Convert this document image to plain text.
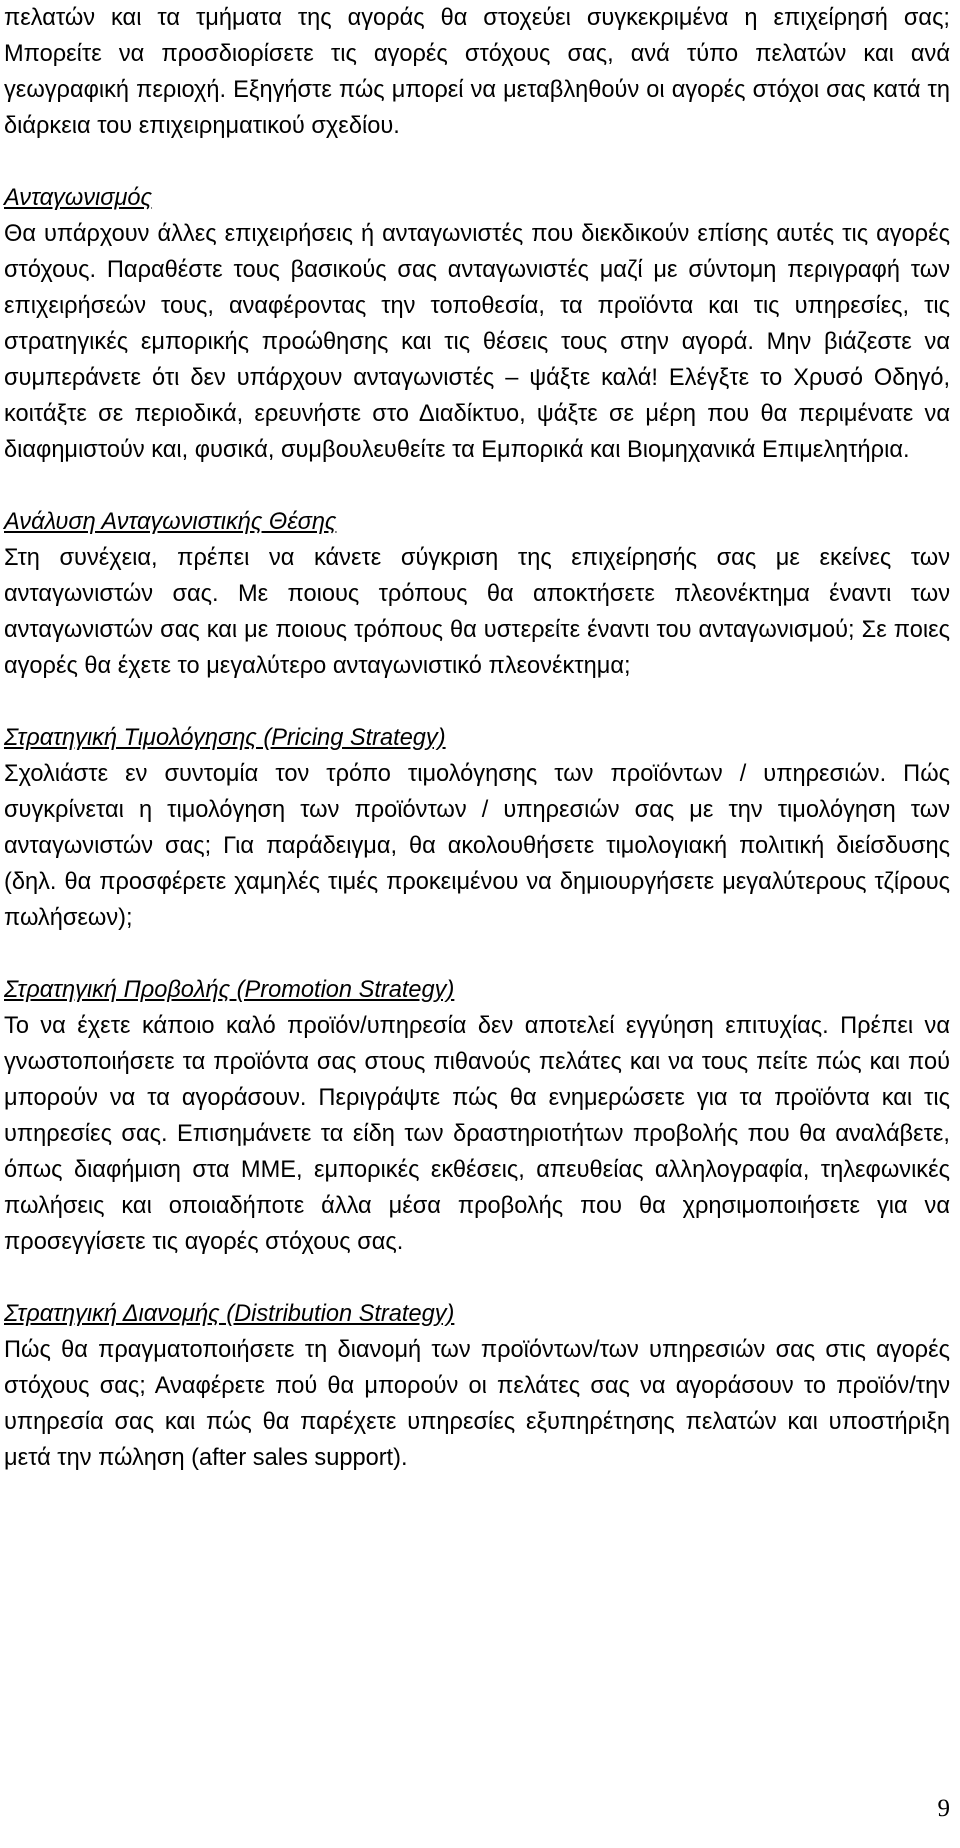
πελατών και τα τμήματα της αγοράς θα στοχεύει συγκεκριμένα η επιχείρησή σας; Μπορείτε να προσδιορίσετε τις αγορές στόχους σας, ανά τύπο πελατών και ανά γεωγραφική περιοχή. Εξηγήστε πώς μπορεί να μεταβληθούν οι αγορές στόχοι σας κατά τη διάρκεια του επιχειρηματικού σχεδίου.

Ανταγωνισμός

Θα υπάρχουν άλλες επιχειρήσεις ή ανταγωνιστές που διεκδικούν επίσης αυτές τις αγορές στόχους. Παραθέστε τους βασικούς σας ανταγωνιστές μαζί με σύντομη περιγραφή των επιχειρήσεών τους, αναφέροντας την τοποθεσία, τα προϊόντα και τις υπηρεσίες, τις στρατηγικές εμπορικής προώθησης και τις θέσεις τους στην αγορά. Μην βιάζεστε να συμπεράνετε ότι δεν υπάρχουν ανταγωνιστές – ψάξτε καλά! Ελέγξτε το Χρυσό Οδηγό, κοιτάξτε σε περιοδικά, ερευνήστε στο Διαδίκτυο, ψάξτε σε μέρη που θα περιμένατε να διαφημιστούν και, φυσικά, συμβουλευθείτε τα Εμπορικά και Βιομηχανικά Επιμελητήρια.

Ανάλυση Ανταγωνιστικής Θέσης

Στη συνέχεια, πρέπει να κάνετε σύγκριση της επιχείρησής σας με εκείνες των ανταγωνιστών σας. Με ποιους τρόπους θα αποκτήσετε πλεονέκτημα έναντι των ανταγωνιστών σας και με ποιους τρόπους θα υστερείτε έναντι του ανταγωνισμού; Σε ποιες αγορές θα έχετε το μεγαλύτερο ανταγωνιστικό πλεονέκτημα;

Στρατηγική Τιμολόγησης (Pricing Strategy)

Σχολιάστε εν συντομία τον τρόπο τιμολόγησης των προϊόντων / υπηρεσιών. Πώς συγκρίνεται η τιμολόγηση των προϊόντων / υπηρεσιών σας με την τιμολόγηση των ανταγωνιστών σας; Για παράδειγμα, θα ακολουθήσετε τιμολογιακή πολιτική διείσδυσης (δηλ. θα προσφέρετε χαμηλές τιμές προκειμένου να δημιουργήσετε μεγαλύτερους τζίρους πωλήσεων);

Στρατηγική Προβολής (Promotion Strategy)

Το να έχετε κάποιο καλό προϊόν/υπηρεσία δεν αποτελεί εγγύηση επιτυχίας. Πρέπει να γνωστοποιήσετε τα προϊόντα σας στους πιθανούς πελάτες και να τους πείτε πώς και πού μπορούν να τα αγοράσουν. Περιγράψτε πώς θα ενημερώσετε για τα προϊόντα και τις υπηρεσίες σας. Επισημάνετε τα είδη των δραστηριοτήτων προβολής που θα αναλάβετε, όπως διαφήμιση στα ΜΜΕ, εμπορικές εκθέσεις, απευθείας αλληλογραφία, τηλεφωνικές πωλήσεις και οποιαδήποτε άλλα μέσα προβολής που θα χρησιμοποιήσετε για να προσεγγίσετε τις αγορές στόχους σας.

Στρατηγική Διανομής (Distribution Strategy)

Πώς θα πραγματοποιήσετε τη διανομή των προϊόντων/των υπηρεσιών σας στις αγορές στόχους σας; Αναφέρετε πού θα μπορούν οι πελάτες σας να αγοράσουν το προϊόν/την υπηρεσία σας και πώς θα παρέχετε υπηρεσίες εξυπηρέτησης πελατών και υποστήριξη μετά την πώληση (after sales support).

9
